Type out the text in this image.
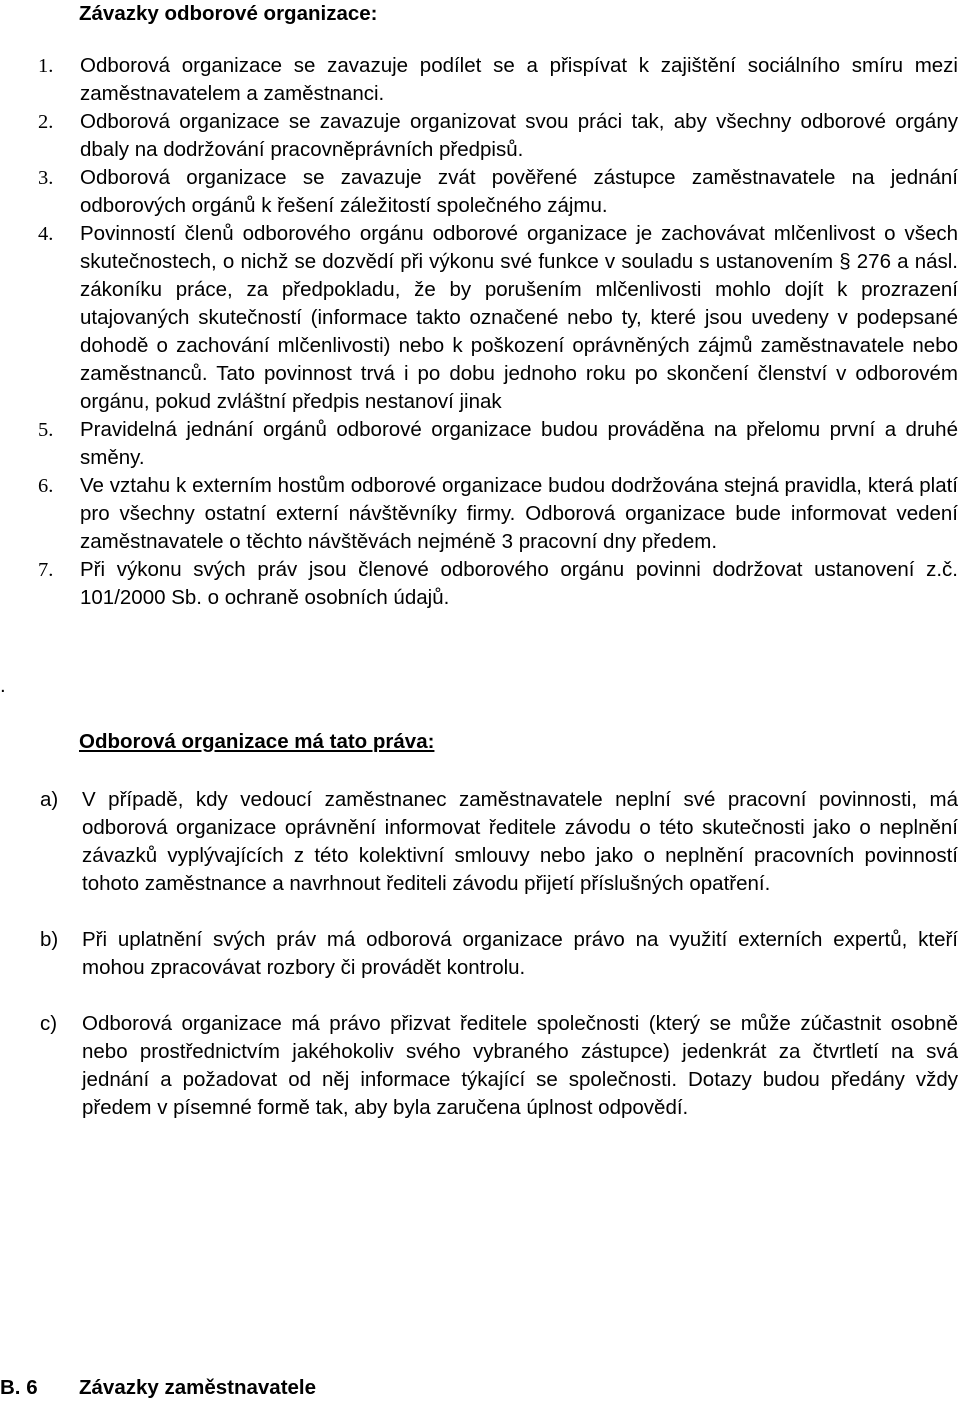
Závazky odborové organizace:
1. Odborová organizace se zavazuje podílet se a přispívat k zajištění sociálního smíru mezi zaměstnavatelem a zaměstnanci.
2. Odborová organizace se zavazuje organizovat svou práci tak, aby všechny odborové orgány dbaly na dodržování pracovněprávních předpisů.
3. Odborová organizace se zavazuje zvát pověřené zástupce zaměstnavatele na jednání odborových orgánů k řešení záležitostí společného zájmu.
4. Povinností členů odborového orgánu odborové organizace je zachovávat mlčenlivost o všech skutečnostech, o nichž se dozvědí při výkonu své funkce v souladu s ustanovením § 276 a násl. zákoníku práce, za předpokladu, že by porušením mlčenlivosti mohlo dojít k prozrazení utajovaných skutečností (informace takto označené nebo ty, které jsou uvedeny v podepsané dohodě o zachování mlčenlivosti) nebo k poškození oprávněných zájmů zaměstnavatele nebo zaměstnanců. Tato povinnost trvá i po dobu jednoho roku po skončení členství v odborovém orgánu, pokud zvláštní předpis nestanoví jinak
5. Pravidelná jednání orgánů odborové organizace budou prováděna na přelomu první a druhé směny.
6. Ve vztahu k externím hostům odborové organizace budou dodržována stejná pravidla, která platí pro všechny ostatní externí návštěvníky firmy. Odborová organizace bude informovat vedení zaměstnavatele o těchto návštěvách nejméně 3 pracovní dny předem.
7. Při výkonu svých práv jsou členové odborového orgánu povinni dodržovat ustanovení z.č. 101/2000 Sb. o ochraně osobních údajů.
.
Odborová organizace má tato práva:
a) V případě, kdy vedoucí zaměstnanec zaměstnavatele neplní své pracovní povinnosti, má odborová organizace oprávnění informovat ředitele závodu o této skutečnosti jako o neplnění závazků vyplývajících z této kolektivní smlouvy nebo jako o neplnění pracovních povinností tohoto zaměstnance a navrhnout řediteli závodu přijetí příslušných opatření.
b) Při uplatnění svých práv má odborová organizace právo na využití externích expertů, kteří mohou zpracovávat rozbory či provádět kontrolu.
c) Odborová organizace má právo přizvat ředitele společnosti (který se může zúčastnit osobně nebo prostřednictvím jakéhokoliv svého vybraného zástupce) jedenkrát za čtvrtletí na svá jednání a požadovat od něj informace týkající se společnosti. Dotazy budou předány vždy předem v písemné formě tak, aby byla zaručena úplnost odpovědí.
B. 6 Závazky zaměstnavatele
